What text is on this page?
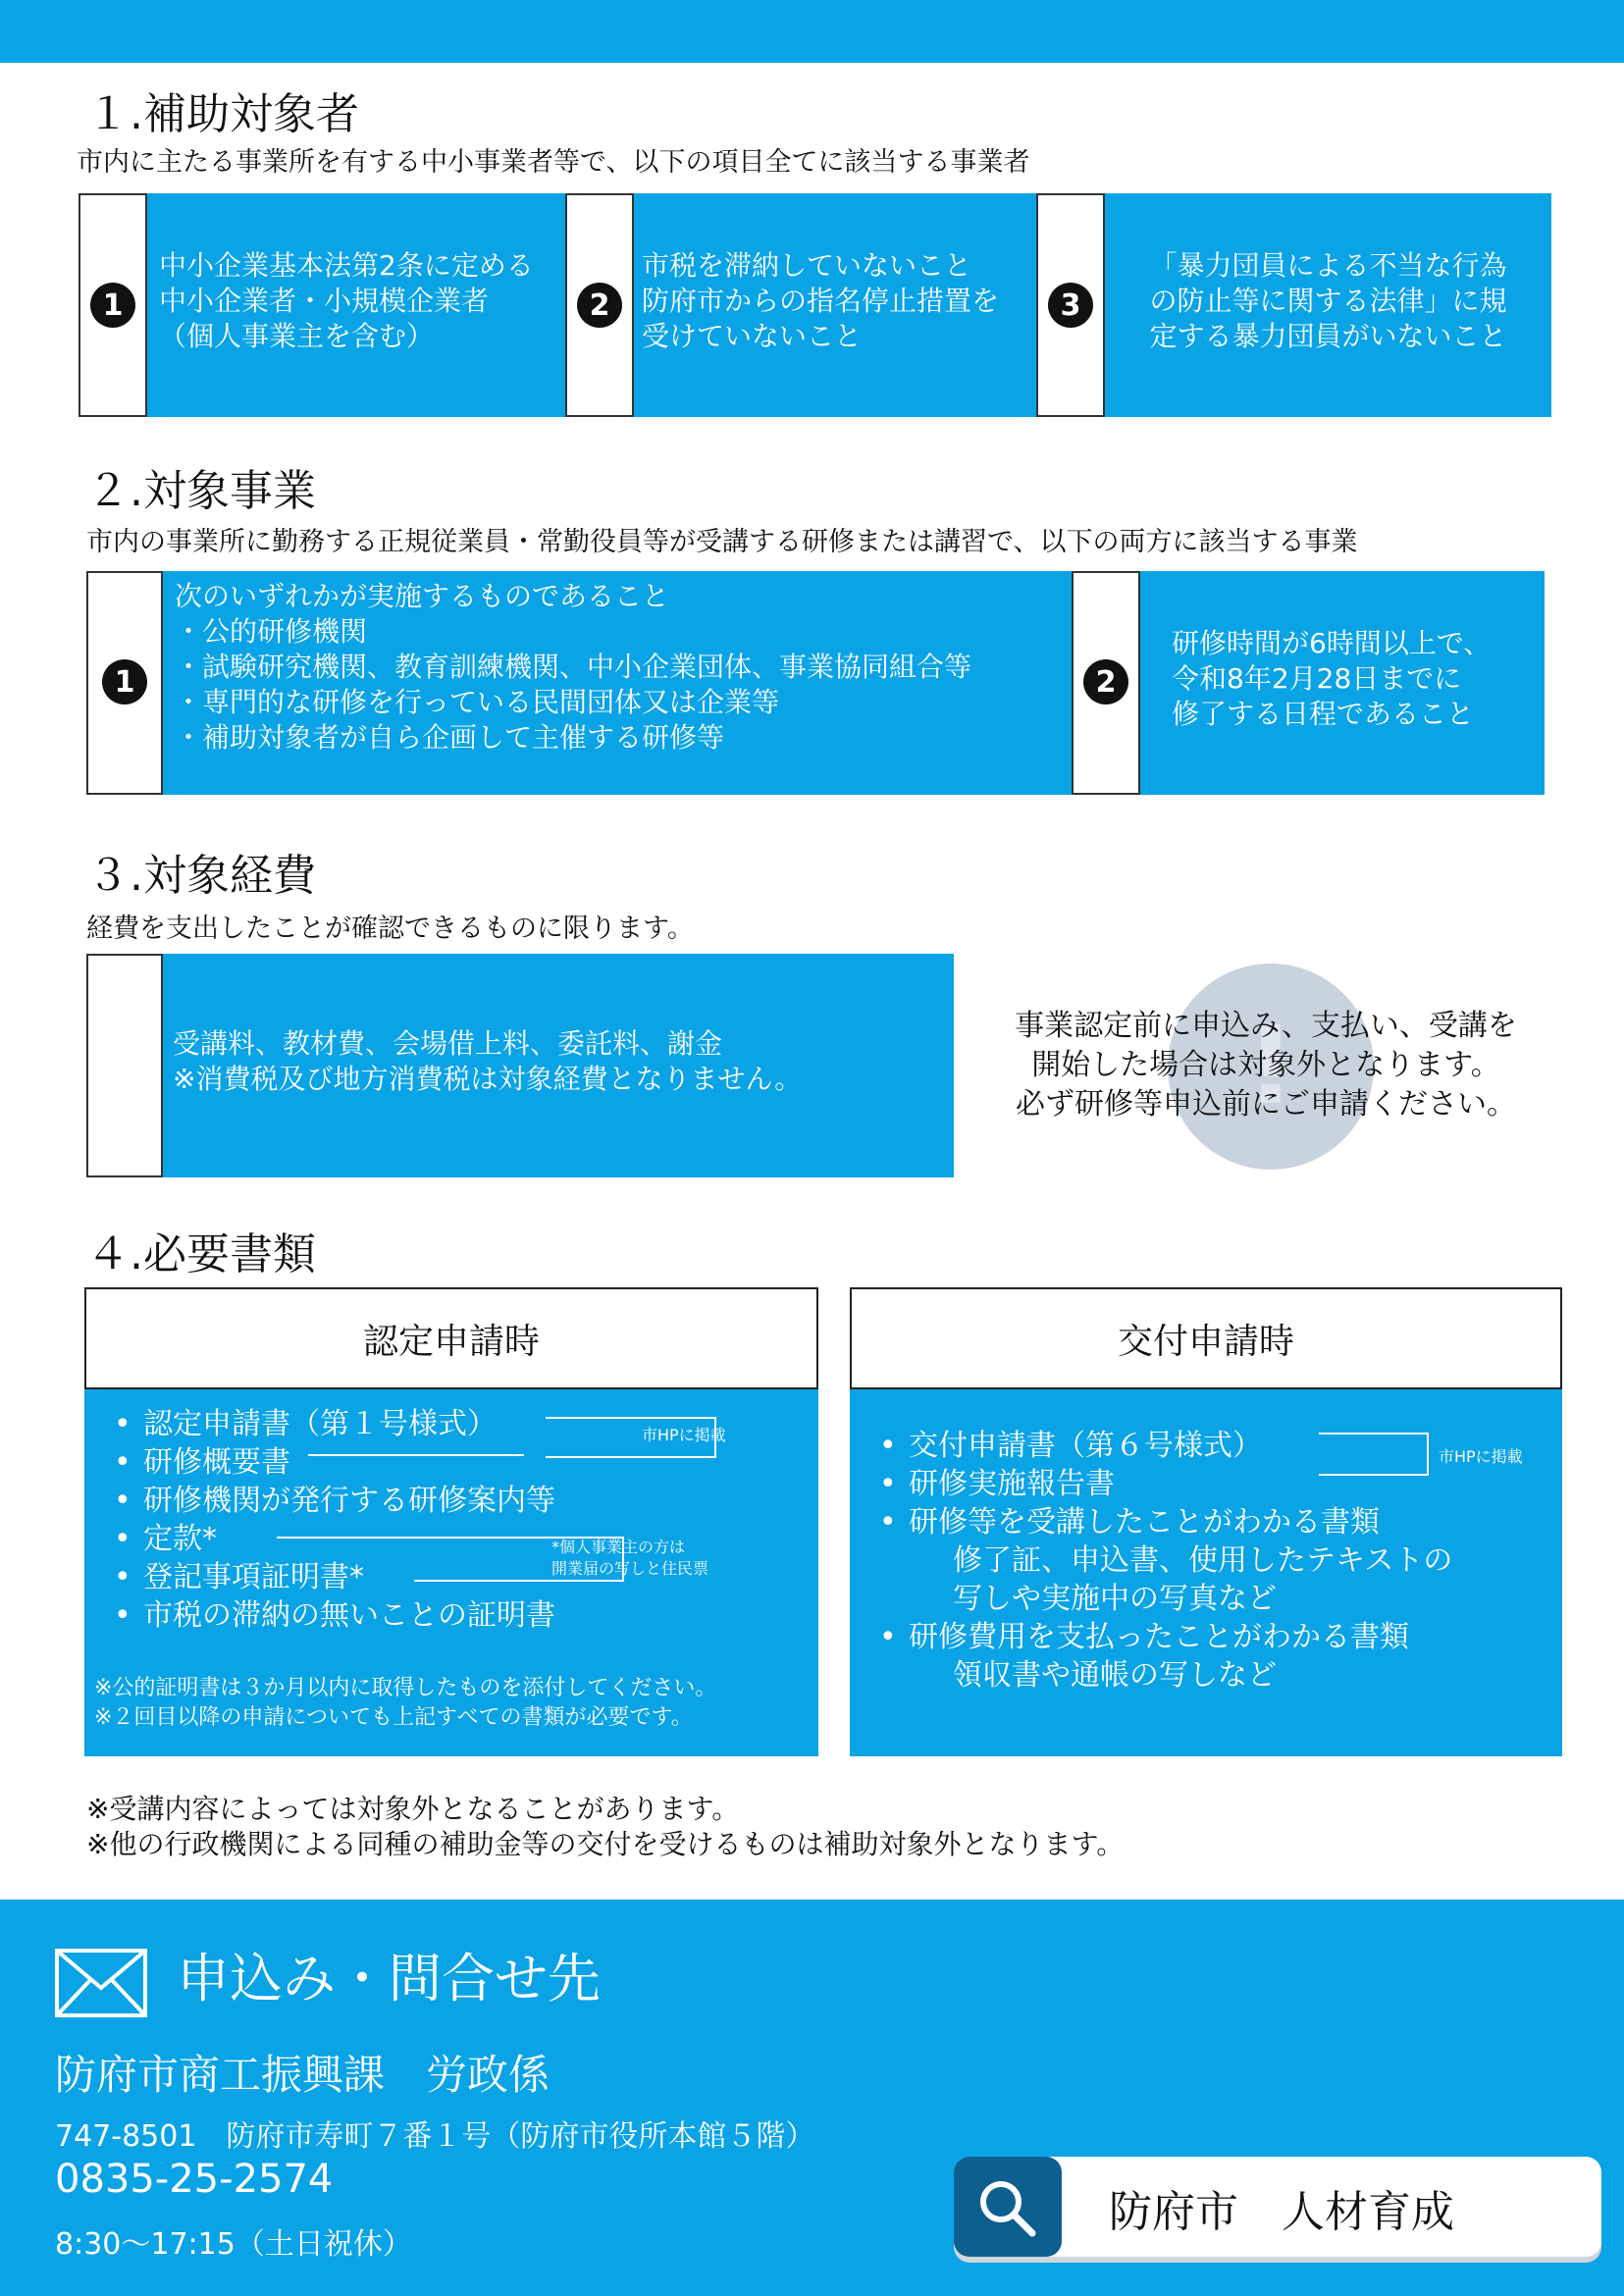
１.補助対象者
市内に主たる事業所を有する中小事業者等で、以下の項目全てに該当する事業者
1
中小企業基本法第2条に定める
中小企業者・小規模企業者
（個人事業主を含む）
2
市税を滞納していないこと
防府市からの指名停止措置を
受けていないこと
3
「暴力団員による不当な行為
の防止等に関する法律」に規
定する暴力団員がいないこと
２.対象事業
市内の事業所に勤務する正規従業員・常勤役員等が受講する研修または講習で、以下の両方に該当する事業
1
次のいずれかが実施するものであること
・公的研修機関
・試験研究機関、教育訓練機関、中小企業団体、事業協同組合等
・専門的な研修を行っている民間団体又は企業等
・補助対象者が自ら企画して主催する研修等
2
研修時間が6時間以上で、
令和8年2月28日までに
修了する日程であること
３.対象経費
経費を支出したことが確認できるものに限ります。
受講料、教材費、会場借上料、委託料、謝金
※消費税及び地方消費税は対象経費となりません。	!
事業認定前に申込み、支払い、受講を
開始した場合は対象外となります。
必ず研修等申込前にご申請ください。
４.必要書類
認定申請時
• 認定申請書（第１号様式）
• 研修概要書
• 研修機関が発行する研修案内等
• 定款*
• 登記事項証明書*
• 市税の滞納の無いことの証明書
市HPに掲載
*個人事業主の方は
開業届の写しと住民票
※公的証明書は３か月以内に取得したものを添付してください。
※２回目以降の申請についても上記すべての書類が必要です。
交付申請時
• 交付申請書（第６号様式）
• 研修実施報告書
• 研修等を受講したことがわかる書類
修了証、申込書、使用したテキストの
写しや実施中の写真など
• 研修費用を支払ったことがわかる書類
領収書や通帳の写しなど
市HPに掲載
※受講内容によっては対象外となることがあります。
※他の行政機関による同種の補助金等の交付を受けるものは補助対象外となります。
申込み・問合せ先
防府市商工振興課　労政係
747-8501　防府市寿町７番１号（防府市役所本館５階）
0835-25-2574
8:30～17:15（土日祝休）
防府市　人材育成
